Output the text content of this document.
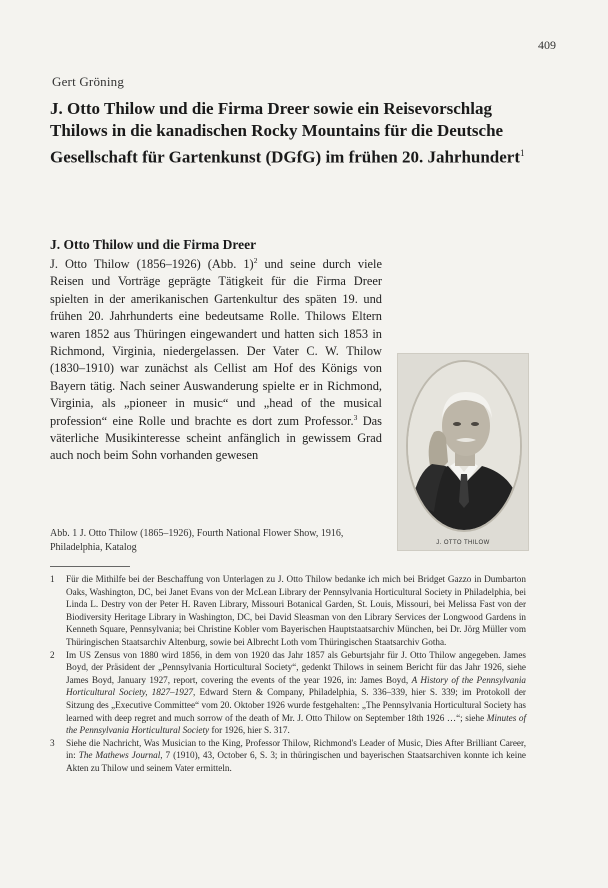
409
Gert Gröning
J. Otto Thilow und die Firma Dreer sowie ein Reisevorschlag Thilows in die kanadischen Rocky Mountains für die Deutsche Gesellschaft für Gartenkunst (DGfG) im frühen 20. Jahrhundert$^1$
J. Otto Thilow und die Firma Dreer

J. Otto Thilow (1856–1926) (Abb. 1)$^2$ und seine durch viele Reisen und Vorträge geprägte Tätigkeit für die Firma Dreer spielten in der amerikanischen Gartenkultur des späten 19. und frühen 20. Jahrhunderts eine bedeutsame Rolle. Thilows Eltern waren 1852 aus Thüringen eingewandert und hatten sich 1853 in Richmond, Virginia, niedergelassen. Der Vater C. W. Thilow (1830–1910) war zunächst als Cellist am Hof des Königs von Bayern tätig. Nach seiner Auswanderung spielte er in Richmond, Virginia, als „pioneer in music“ und „head of the musical profession“ eine Rolle und brachte es dort zum Professor.$^3$ Das väterliche Musikinteresse scheint anfänglich in gewissem Grad auch noch beim Sohn vorhanden gewesen

J. OTTO THILOW
Abb. 1 J. Otto Thilow (1865–1926), Fourth National Flower Show, 1916, Philadelphia, Katalog
1 Für die Mithilfe bei der Beschaffung von Unterlagen zu J. Otto Thilow bedanke ich mich bei Bridget Gazzo in Dumbarton Oaks, Washington, DC, bei Janet Evans von der McLean Library der Pennsylvania Horticultural Society in Philadelphia, bei Linda L. Destry von der Peter H. Raven Library, Missouri Botanical Garden, St. Louis, Missouri, bei Melissa Fast von der Biodiversity Heritage Library in Washington, DC, bei David Sleasman von den Library Services der Longwood Gardens in Kenneth Square, Pennsylvania; bei Christine Kobler vom Bayerischen Hauptstaatsarchiv München, bei Dr. Jörg Müller vom Thüringischen Staatsarchiv Altenburg, sowie bei Albrecht Loth vom Thüringischen Staatsarchiv Gotha.
2 Im US Zensus von 1880 wird 1856, in dem von 1920 das Jahr 1857 als Geburtsjahr für J. Otto Thilow angegeben. James Boyd, der Präsident der „Pennsylvania Horticultural Society“, gedenkt Thilows in seinem Bericht für das Jahr 1926, siehe James Boyd, January 1927, report, covering the events of the year 1926, in: James Boyd, A History of the Pennsylvania Horticultural Society, 1827–1927, Edward Stern & Company, Philadelphia, S. 336–339, hier S. 339; im Protokoll der Sitzung des „Executive Committee“ vom 20. Oktober 1926 wurde festgehalten: „The Pennsylvania Horticultural Society has learned with deep regret and much sorrow of the death of Mr. J. Otto Thilow on September 18th 1926 …“; siehe Minutes of the Pennsylvania Horticultural Society for 1926, hier S. 317.
3 Siehe die Nachricht, Was Musician to the King, Professor Thilow, Richmond's Leader of Music, Dies After Brilliant Career, in: The Mathews Journal, 7 (1910), 43, October 6, S. 3; in thüringischen und bayerischen Staatsarchiven konnte ich keine Akten zu Thilow und seinem Vater ermitteln.
